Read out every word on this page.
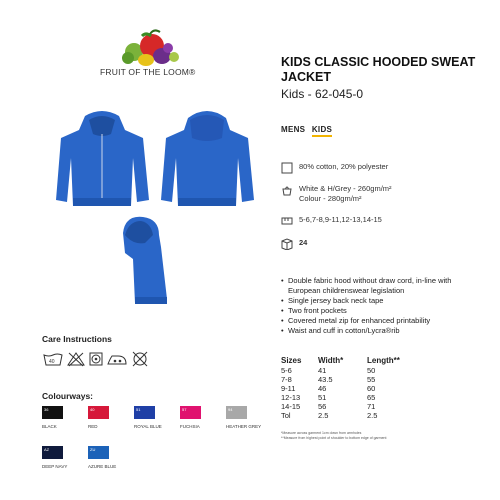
FRUIT OF THE LOOM®
KIDS CLASSIC HOODED SWEAT JACKET
Kids - 62-045-0
MENS KIDS
80% cotton, 20% polyester
White & H/Grey - 260gm/m²
Colour - 280gm/m²
5-6,7-8,9-11,12-13,14-15
24
• Double fabric hood without draw cord, in-line with European childrenswear legislation
• Single jersey back neck tape
• Two front pockets
• Covered metal zip for enhanced printability
• Waist and cuff in cotton/Lycra®rib
Sizes	Width*	Length**
5-6	41	50
7-8	43.5	55
9-11	46	60
12-13	51	65
14-15	56	71
Tol	2.5	2.5
*Measure across garment 1cm down from armholes
**Measure from highest point of shoulder to bottom edge of garment
Care Instructions
40
Colourways:
36
BLACK
40
RED
51
ROYAL BLUE
57
FUCHSIA
94
HEATHER GREY
AZ
DEEP NAVY
ZU
AZURE BLUE
